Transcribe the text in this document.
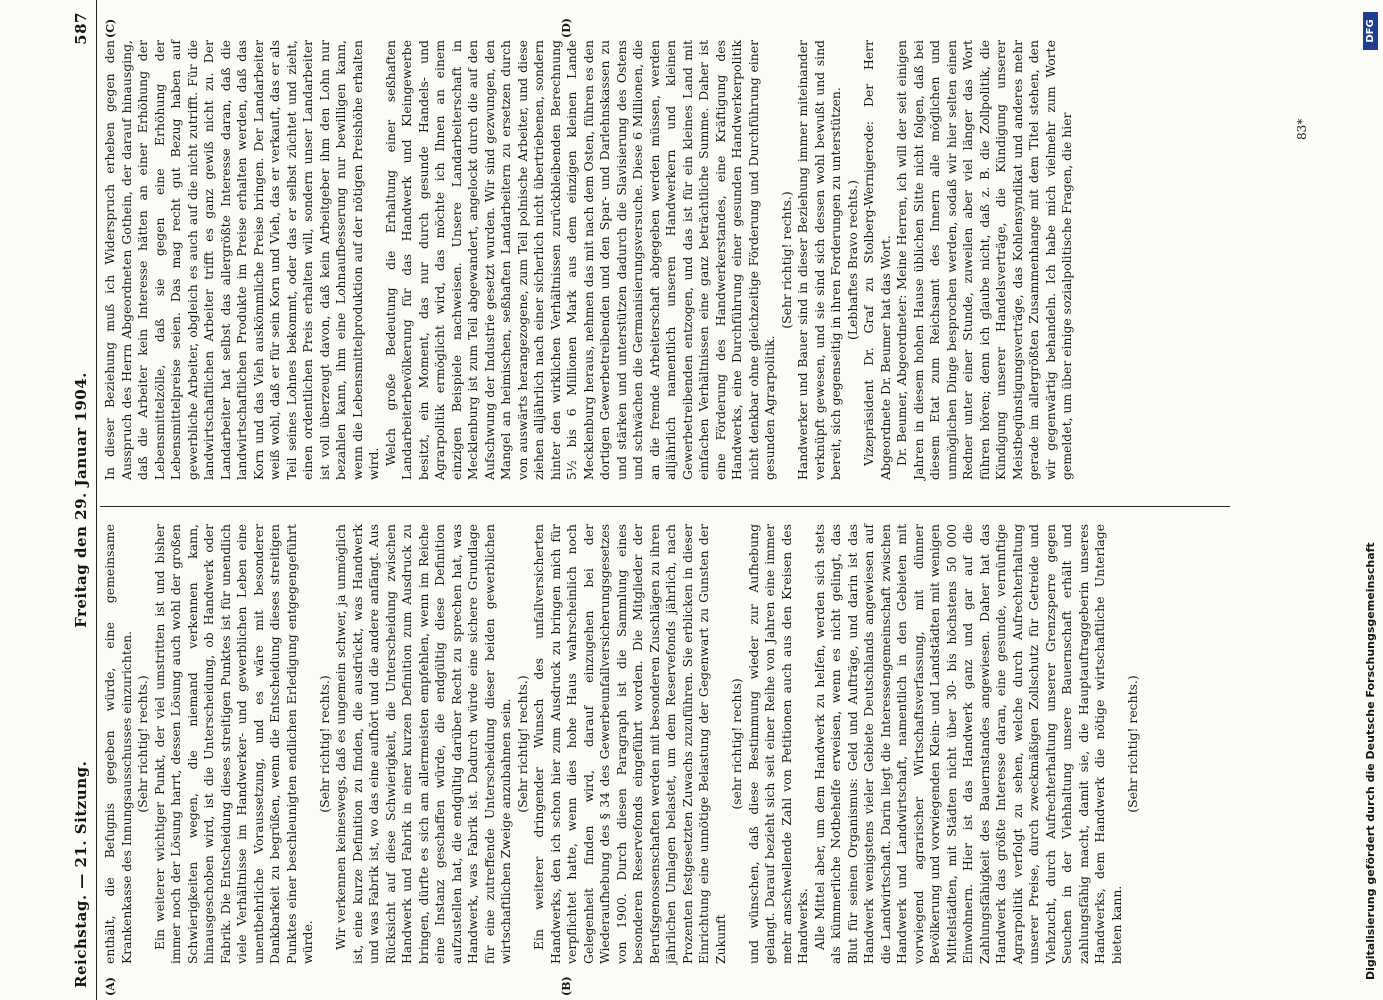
Reichstag. — 21. Sitzung.
Freitag den 29. Januar 1904.
587
(A)	(B)
(C)	(D)

enthält, die Befugnis gegeben würde, eine gemeinsame Krankenkasse des Innungsausschusses einzurichten. (Sehr richtig! rechts.) Ein weiterer wichtiger Punkt, der viel umstritten ist und bisher immer noch der Lösung harrt, dessen Lösung auch wohl der großen Schwierigkeiten wegen, die niemand verkennen kann, hinausgeschoben wird, ist die Unterscheidung, ob Handwerk oder Fabrik. Die Entscheidung dieses streitigen Punktes ist für unendlich viele Verhältnisse im Handwerker- und gewerblichen Leben eine unentbehrliche Voraussetzung, und es wäre mit besonderer Dankbarkeit zu begrüßen, wenn die Entscheidung dieses streitigen Punktes einer beschleunigten endlichen Erledigung entgegengeführt würde.

(Sehr richtig! rechts.) Wir verkennen keineswegs, daß es ungemein schwer, ja unmöglich ist, eine kurze Definition zu finden, die ausdrückt, was Handwerk und was Fabrik ist, wo das eine aufhört und die andere anfängt. Aus Rücksicht auf diese Schwierigkeit, die Unterscheidung zwischen Handwerk und Fabrik in einer kurzen Definition zum Ausdruck zu bringen, dürfte es sich am allermeisten empfehlen, wenn im Reiche eine Instanz geschaffen würde, die endgültig diese Definition aufzustellen hat, die endgültig darüber Recht zu sprechen hat, was Handwerk, was Fabrik ist. Dadurch würde eine sichere Grundlage für eine zutreffende Unterscheidung dieser beiden gewerblichen wirtschaftlichen Zweige anzubahnen sein. (Sehr richtig! rechts.) Ein weiterer dringender Wunsch des unfallversicherten Handwerks, den ich schon hier zum Ausdruck zu bringen mich für verpflichtet hatte, wenn dies hohe Haus wahrscheinlich noch Gelegenheit finden wird, darauf einzugehen bei der Wiederaufhebung des § 34 des Gewerbeunfallversicherungsgesetzes von 1900. Durch diesen Paragraph ist die Sammlung eines besonderen Reservefonds eingeführt worden. Die Mitglieder der Berufsgenossenschaften werden mit besonderen Zuschlägen zu ihren jährlichen Umlagen belastet, um dem Reservefonds jährlich, nach Prozenten festgesetzten Zuwachs zuzuführen. Sie erblicken in dieser Einrichtung eine unnötige Belastung der Gegenwart zu Gunsten der Zukunft

(sehr richtig! rechts) und wünschen, daß diese Bestimmung wieder zur Aufhebung gelangt. Darauf bezieht sich seit einer Reihe von Jahren eine immer mehr anschwellende Zahl von Petitionen auch aus den Kreisen des Handwerks. Alle Mittel aber, um dem Handwerk zu helfen, werden sich stets als kümmerliche Notbehelfe erweisen, wenn es nicht gelingt, das Blut für seinen Organismus: Geld und Aufträge, und darin ist das Handwerk wenigstens vieler Gebiete Deutschlands angewiesen auf die Landwirtschaft. Darin liegt die Interessengemeinschaft zwischen Handwerk und Landwirtschaft, namentlich in den Gebieten mit vorwiegend agrarischer Wirtschaftsverfassung, mit dünner Bevölkerung und vorwiegenden Klein- und Landstädten mit wenigen Mittelstädten, mit Städten nicht über 30- bis höchstens 50 000 Einwohnern. Hier ist das Handwerk ganz und gar auf die Zahlungsfähigkeit des Bauernstandes angewiesen. Daher hat das Handwerk das größte Interesse daran, eine gesunde, vernünftige Agrarpolitik verfolgt zu sehen, welche durch Aufrechterhaltung unserer Preise, durch zweckmäßigen Zollschutz für Getreide und Viehzucht, durch Aufrechterhaltung unserer Grenzsperre gegen Seuchen in der Viehhaltung unsere Bauernschaft erhält und zahlungsfähig macht, damit sie, die Hauptauftraggeberin unseres Handwerks, dem Handwerk die nötige wirtschaftliche Unterlage bieten kann.

(Sehr richtig! rechts.)

In dieser Beziehung muß ich Widerspruch erheben gegen den Ausspruch des Herrn Abgeordneten Gothein, der darauf hinausging, daß die Arbeiter kein Interesse hätten an einer Erhöhung der Lebensmittelzölle, daß sie gegen eine Erhöhung der Lebensmittelpreise seien. Das mag recht gut Bezug haben auf gewerbliche Arbeiter, obgleich es auch auf die nicht zutrifft. Für die landwirtschaftlichen Arbeiter trifft es ganz gewiß nicht zu. Der Landarbeiter hat selbst das allergrößte Interesse daran, daß die landwirtschaftlichen Produkte im Preise erhalten werden, daß das Korn und das Vieh auskömmliche Preise bringen. Der Landarbeiter weiß wohl, daß er für sein Korn und Vieh, das er verkauft, das er als Teil seines Lohnes bekommt, oder das er selbst züchtet und zieht, einen ordentlichen Preis erhalten will, sondern unser Landarbeiter ist voll überzeugt davon, daß kein Arbeitgeber ihm den Lohn nur bezahlen kann, ihm eine Lohnaufbesserung nur bewilligen kann, wenn die Lebensmittelproduktion auf der nötigen Preishöhe erhalten wird. Welch große Bedeutung die Erhaltung einer seßhaften Landarbeiterbevölkerung für das Handwerk und Kleingewerbe besitzt, ein Moment, das nur durch gesunde Handels- und Agrarpolitik ermöglicht wird, das möchte ich Ihnen an einem einzigen Beispiele nachweisen. Unsere Landarbeiterschaft in Mecklenburg ist zum Teil abgewandert, angelockt durch die auf den Aufschwung der Industrie gesetzt wurden. Wir sind gezwungen, den Mangel an heimischen, seßhaften Landarbeitern zu ersetzen durch von auswärts herangezogene, zum Teil polnische Arbeiter, und diese ziehen alljährlich nach einer sicherlich nicht übertriebenen, sondern hinter den wirklichen Verhältnissen zurückbleibenden Berechnung 5½ bis 6 Millionen Mark aus dem einzigen kleinen Lande Mecklenburg heraus, nehmen das mit nach dem Osten, führen es den dortigen Gewerbetreibenden und den Spar- und Darlehnskassen zu und stärken und unterstützen dadurch die Slavisierung des Ostens und schwächen die Germanisierungsversuche. Diese 6 Millionen, die an die fremde Arbeiterschaft abgegeben werden müssen, werden alljährlich namentlich unseren Handwerkern und kleinen Gewerbetreibenden entzogen, und das ist für ein kleines Land mit einfachen Verhältnissen eine ganz beträchtliche Summe. Daher ist eine Förderung des Handwerkerstandes, eine Kräftigung des Handwerks, eine Durchführung einer gesunden Handwerkerpolitik nicht denkbar ohne gleichzeitige Förderung und Durchführung einer gesunden Agrarpolitik.

(Sehr richtig! rechts.) Handwerker und Bauer sind in dieser Beziehung immer miteinander verknüpft gewesen, und sie sind sich dessen wohl bewußt und sind bereit, sich gegenseitig in ihren Forderungen zu unterstützen. (Lebhaftes Bravo rechts.) Vizepräsident Dr. Graf zu Stolberg-Wernigerode: Der Herr Abgeordnete Dr. Beumer hat das Wort. Dr. Beumer, Abgeordneter: Meine Herren, ich will der seit einigen Jahren in diesem hohen Hause üblichen Sitte nicht folgen, daß bei diesem Etat zum Reichsamt des Innern alle möglichen und unmöglichen Dinge besprochen werden, sodaß wir hier selten einen Redner unter einer Stunde, zuweilen aber viel länger das Wort führen hören; denn ich glaube nicht, daß z. B. die Zollpolitik, die Kündigung unserer Handelsverträge, die Kündigung unserer Meistbegünstigungsverträge, das Kohlensyndikat und anderes mehr gerade im allergrößten Zusammenhange mit dem Titel stehen, den wir gegenwärtig behandeln. Ich habe mich vielmehr zum Worte gemeldet, um über einige sozialpolitische Fragen, die hier	83*
Digitalisierung gefördert durch die Deutsche Forschungsgemeinschaft
DFG
